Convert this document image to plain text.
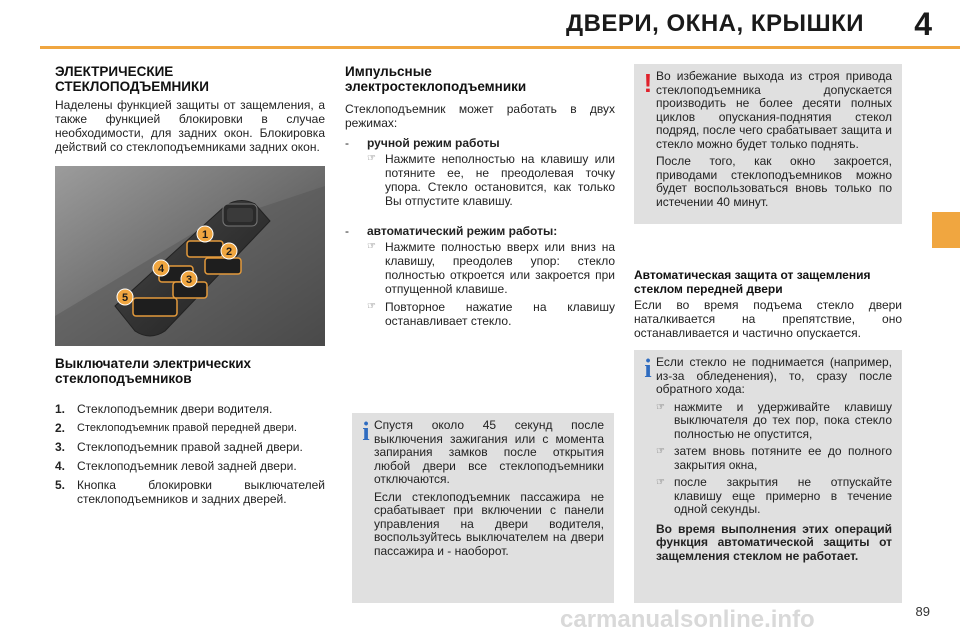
ДВЕРИ, ОКНА, КРЫШКИ 4
ЭЛЕКТРИЧЕСКИЕ СТЕКЛОПОДЪЕМНИКИ

Наделены функцией защиты от защемления, а также функцией блокировки в случае необходимости, для задних окон. Блокировка действий со стеклоподъемниками задних окон.

1
2
3
4
5
Выключатели электрических стеклоподъемников
1. Стеклоподъемник двери водителя.
2.	Стеклоподъемник правой передней двери.
3. Стеклоподъемник правой задней двери.
4. Стеклоподъемник левой задней двери.
5. Кнопка блокировки выключателей стеклоподъемников и задних дверей.
Импульсные электростеклоподъемники

Стеклоподъемник может работать в двух режимах:

-	ручной режим работы
☞ Нажмите неполностью на клавишу или потяните ее, не преодолевая точку упора. Стекло остановится, как только Вы отпустите клавишу.

-	автоматический режим работы:
☞ Нажмите полностью вверх или вниз на клавишу, преодолев упор: стекло полностью откроется или закроется при отпущенной клавише.

☞ Повторное нажатие на клавишу останавливает стекло.

i Спустя около 45 секунд после выключения зажигания или с момента запирания замков после открытия любой двери все стеклоподъемники отключаются.

Если стеклоподъемник пассажира не срабатывает при включении с панели управления на двери водителя, воспользуйтесь выключателем на двери пассажира и - наоборот.

! Во избежание выхода из строя привода стеклоподъемника допускается производить не более десяти полных циклов опускания-поднятия стекол подряд, после чего срабатывает защита и стекло можно будет только поднять.

После того, как окно закроется, приводами стеклоподъемников можно будет воспользоваться вновь только по истечении 40 минут.

Автоматическая защита от защемления стеклом передней двери

Если во время подъема стекло двери наталкивается на препятствие, оно останавливается и частично опускается.

i Если стекло не поднимается (например, из-за обледенения), то, сразу после обратного хода:

☞ нажмите и удерживайте клавишу выключателя до тех пор, пока стекло полностью не опустится,

☞ затем вновь потяните ее до полного закрытия окна,

☞ после закрытия не отпускайте клавишу еще примерно в течение одной секунды.

Во время выполнения этих операций функция автоматической защиты от защемления стеклом не работает.

89
carmanualsonline.info
